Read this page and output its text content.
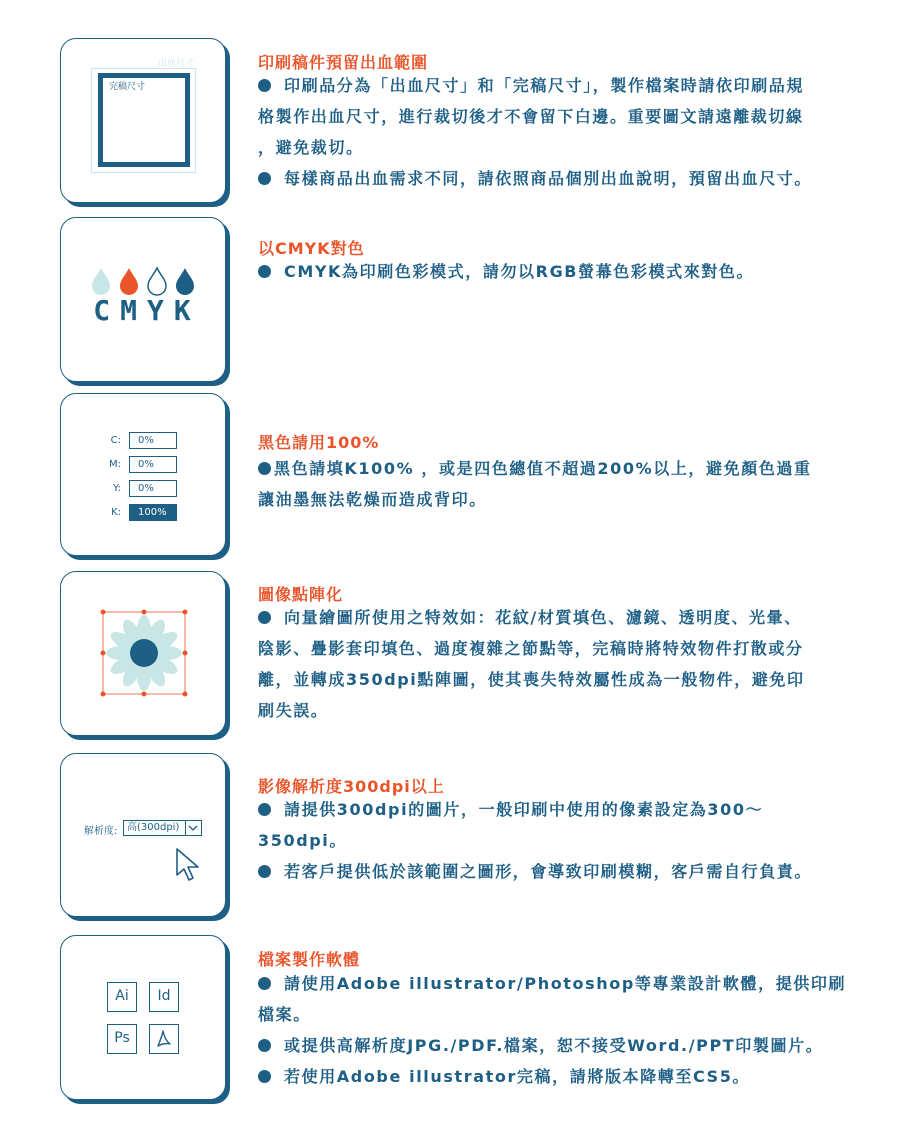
出血尺寸
完稿尺寸
印刷稿件預留出血範圍

印刷品分為「出血尺寸」和「完稿尺寸」，製作檔案時請依印刷品規
格製作出血尺寸，進行裁切後才不會留下白邊。重要圖文請遠離裁切線
，避免裁切。

每樣商品出血需求不同，請依照商品個別出血說明，預留出血尺寸。

CMYK
以CMYK對色

CMYK為印刷色彩模式，請勿以RGB螢幕色彩模式來對色。

C:	0%
M:	0%
Y:	0%
K:	100%
黑色請用100%

黑色請填K100% ，或是四色總值不超過200%以上，避免顏色過重
讓油墨無法乾燥而造成背印。

圖像點陣化

向量繪圖所使用之特效如：花紋/材質填色、濾鏡、透明度、光暈、
陰影、疊影套印填色、過度複雜之節點等，完稿時將特效物件打散或分
離，並轉成350dpi點陣圖，使其喪失特效屬性成為一般物件，避免印
刷失誤。

解析度: 高(300dpi)
影像解析度300dpi以上

請提供300dpi的圖片，一般印刷中使用的像素設定為300～
350dpi。

若客戶提供低於該範圍之圖形，會導致印刷模糊，客戶需自行負責。

Ai	Id
Ps
檔案製作軟體

請使用Adobe illustrator/Photoshop等專業設計軟體，提供印刷
檔案。

或提供高解析度JPG./PDF.檔案，恕不接受Word./PPT印製圖片。

若使用Adobe illustrator完稿，請將版本降轉至CS5。
